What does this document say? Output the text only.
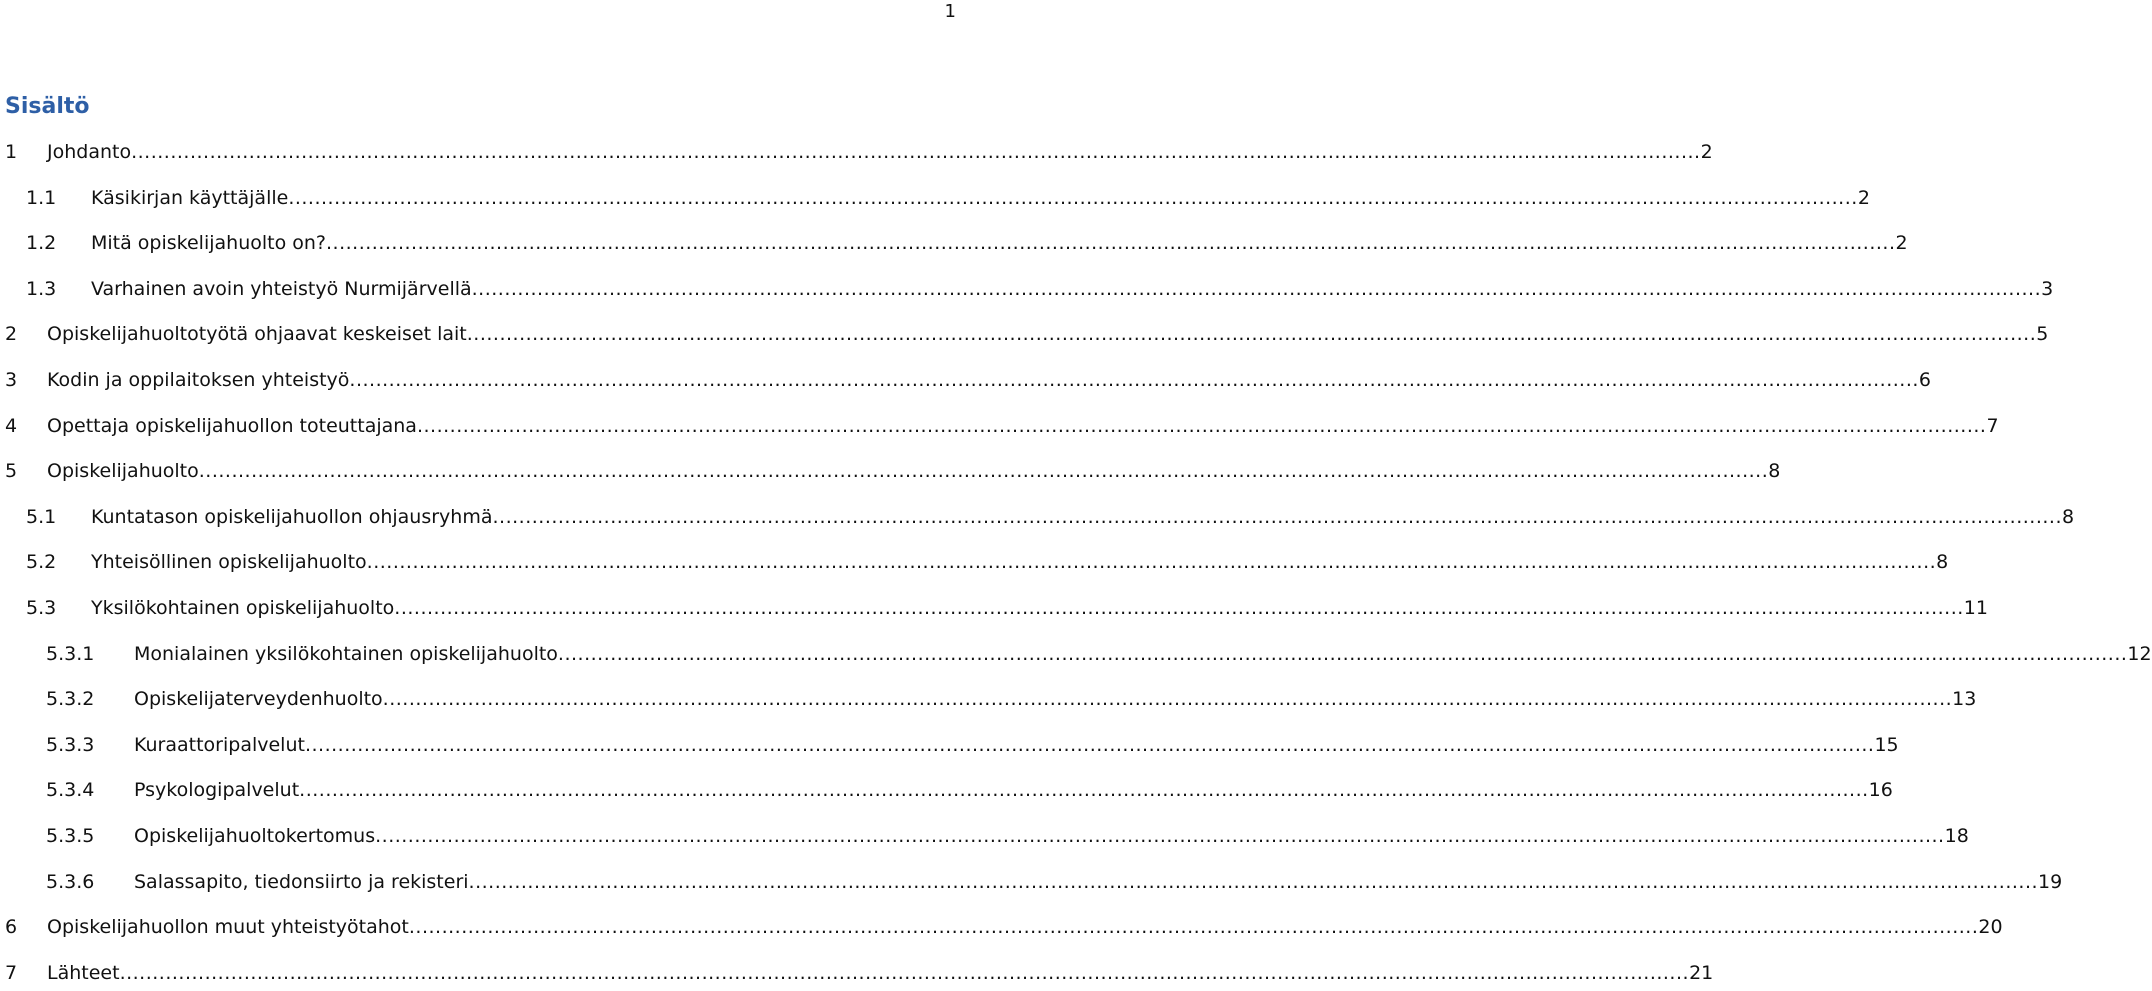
1
Sisältö
1	Johdanto .....	2
1.1	Käsikirjan käyttäjälle .....	2
1.2	Mitä opiskelijahuolto on? .....	2
1.3	Varhainen avoin yhteistyö Nurmijärvellä .....	3
2	Opiskelijahuoltotyötä ohjaavat keskeiset lait .....	5
3	Kodin ja oppilaitoksen yhteistyö .....	6
4	Opettaja opiskelijahuollon toteuttajana .....	7
5	Opiskelijahuolto .....	8
5.1	Kuntatason opiskelijahuollon ohjausryhmä .....	8
5.2	Yhteisöllinen opiskelijahuolto .....	8
5.3	Yksilökohtainen opiskelijahuolto .....	11
5.3.1	Monialainen yksilökohtainen opiskelijahuolto .....	12
5.3.2	Opiskelijaterveydenhuolto .....	13
5.3.3	Kuraattoripalvelut .....	15
5.3.4	Psykologipalvelut .....	16
5.3.5	Opiskelijahuoltokertomus .....	18
5.3.6	Salassapito, tiedonsiirto ja rekisteri .....	19
6	Opiskelijahuollon muut yhteistyötahot .....	20
7	Lähteet .....	21
